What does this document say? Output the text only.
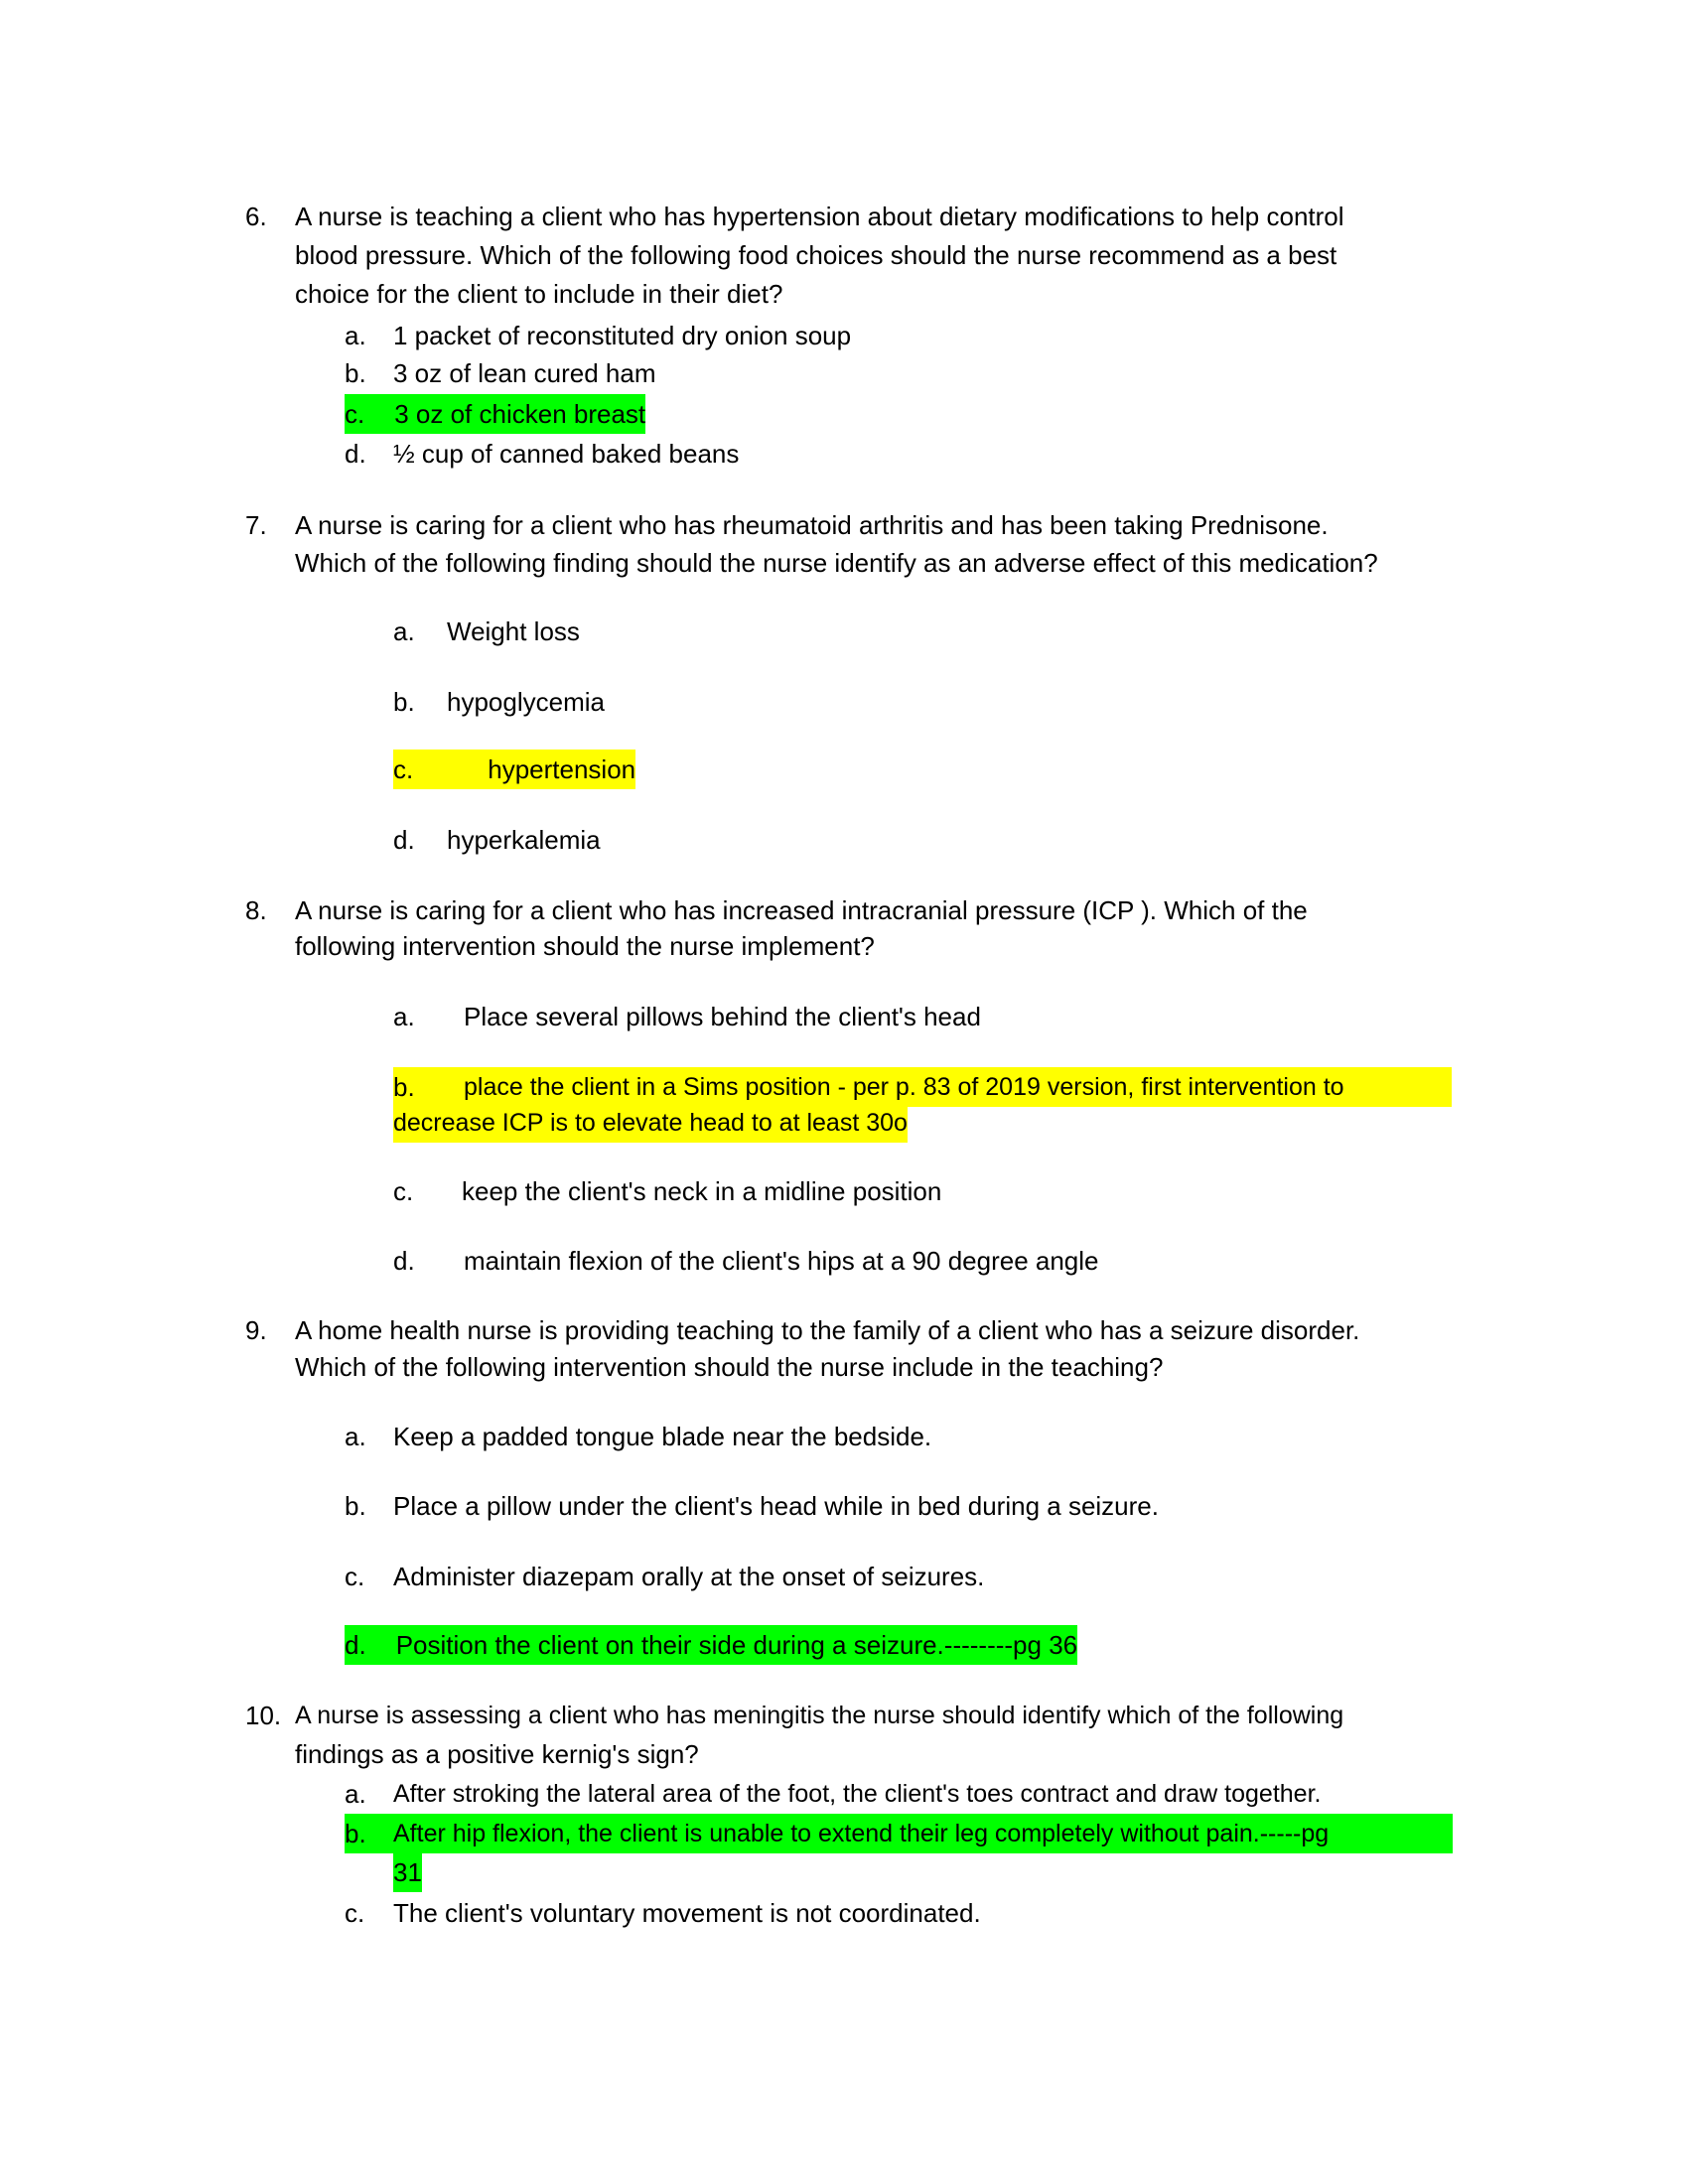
6. A nurse is teaching a client who has hypertension about dietary modifications to help control
blood pressure. Which of the following food choices should the nurse recommend as a best
choice for the client to include in their diet?
a. 1 packet of reconstituted dry onion soup
b. 3 oz of lean cured ham
c. 3 oz of chicken breast
d. ½ cup of canned baked beans
7. A nurse is caring for a client who has rheumatoid arthritis and has been taking Prednisone.
Which of the following finding should the nurse identify as an adverse effect of this medication?
a. Weight loss
b. hypoglycemia
c.	hypertension
d. hyperkalemia
8. A nurse is caring for a client who has increased intracranial pressure (ICP ). Which of the
following intervention should the nurse implement?
a. Place several pillows behind the client's head
b. place the client in a Sims position - per p. 83 of 2019 version, first intervention to
decrease ICP is to elevate head to at least 30o
c. keep the client's neck in a midline position
d. maintain flexion of the client's hips at a 90 degree angle
9. A home health nurse is providing teaching to the family of a client who has a seizure disorder.
Which of the following intervention should the nurse include in the teaching?
a. Keep a padded tongue blade near the bedside.
b. Place a pillow under the client's head while in bed during a seizure.
c. Administer diazepam orally at the onset of seizures.
d. Position the client on their side during a seizure.--------pg 36
10. A nurse is assessing a client who has meningitis the nurse should identify which of the following
findings as a positive kernig's sign?
a. After stroking the lateral area of the foot, the client's toes contract and draw together.
b. After hip flexion, the client is unable to extend their leg completely without pain.-----pg
31
c. The client's voluntary movement is not coordinated.
